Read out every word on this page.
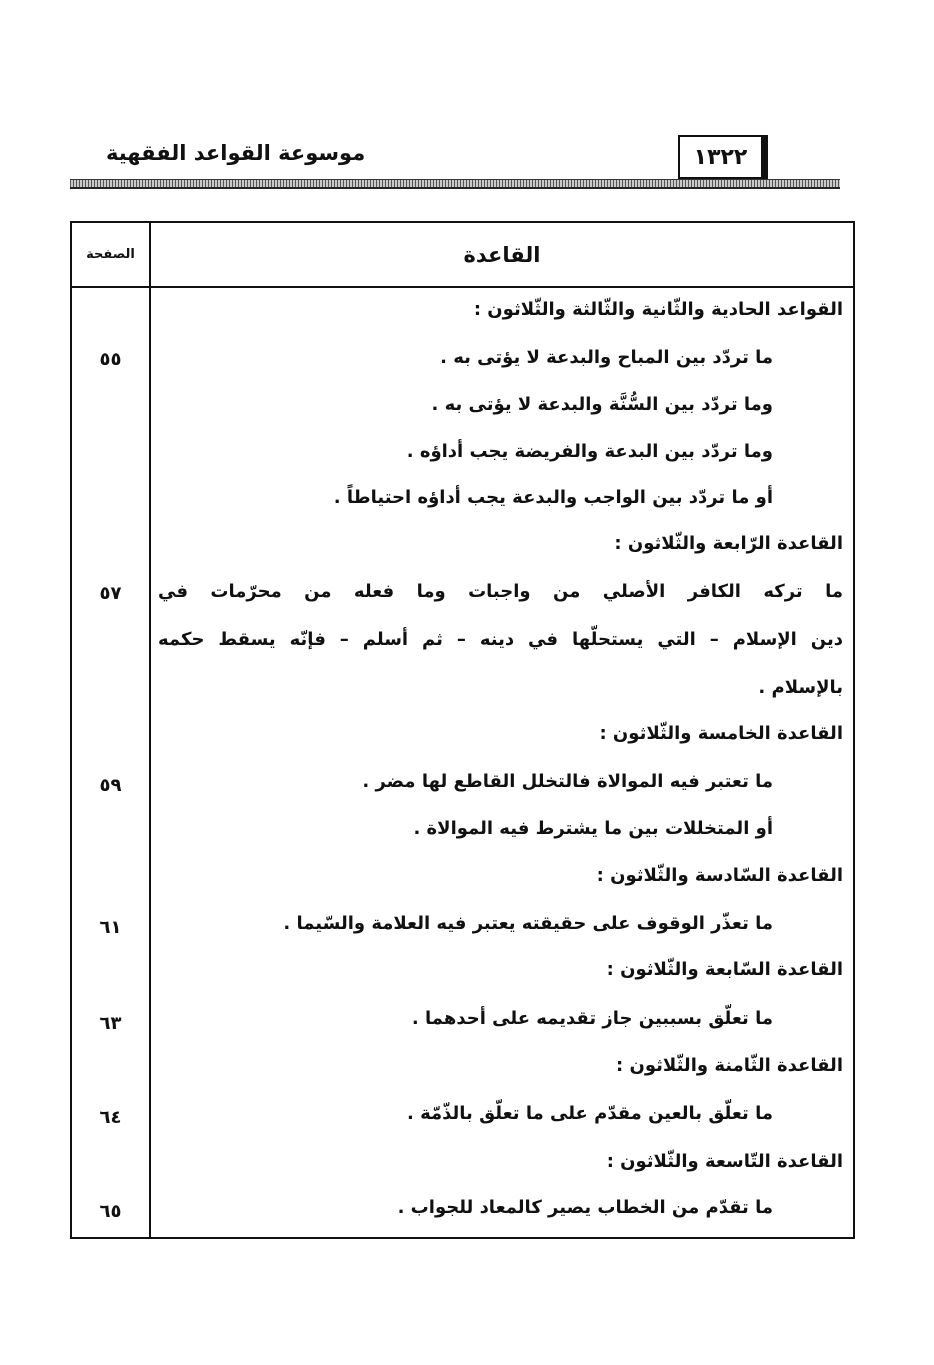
موسوعة القواعد الفقهية	١٣٢٢
الصفحة	القاعدة
القواعد الحادية والثّانية والثّالثة والثّلاثون :
ما تردّد بين المباح والبدعة لا يؤتى به .
٥٥
وما تردّد بين السُّنَّة والبدعة لا يؤتى به .
وما تردّد بين البدعة والفريضة يجب أداؤه .
أو ما تردّد بين الواجب والبدعة يجب أداؤه احتياطاً .
القاعدة الرّابعة والثّلاثون :
ما تركه الكافر الأصلي من واجبات وما فعله من محرّمات في
٥٧
دين الإسلام – التي يستحلّها في دينه – ثم أسلم – فإنّه يسقط حكمه
بالإسلام .
القاعدة الخامسة والثّلاثون :
ما تعتبر فيه الموالاة فالتخلل القاطع لها مضر .
٥٩
أو المتخللات بين ما يشترط فيه الموالاة .
القاعدة السّادسة والثّلاثون :
ما تعذّر الوقوف على حقيقته يعتبر فيه العلامة والسّيما .
٦١
القاعدة السّابعة والثّلاثون :
ما تعلّق بسببين جاز تقديمه على أحدهما .
٦٣
القاعدة الثّامنة والثّلاثون :
ما تعلّق بالعين مقدّم على ما تعلّق بالذّمّة .
٦٤
القاعدة التّاسعة والثّلاثون :
ما تقدّم من الخطاب يصير كالمعاد للجواب .
٦٥
